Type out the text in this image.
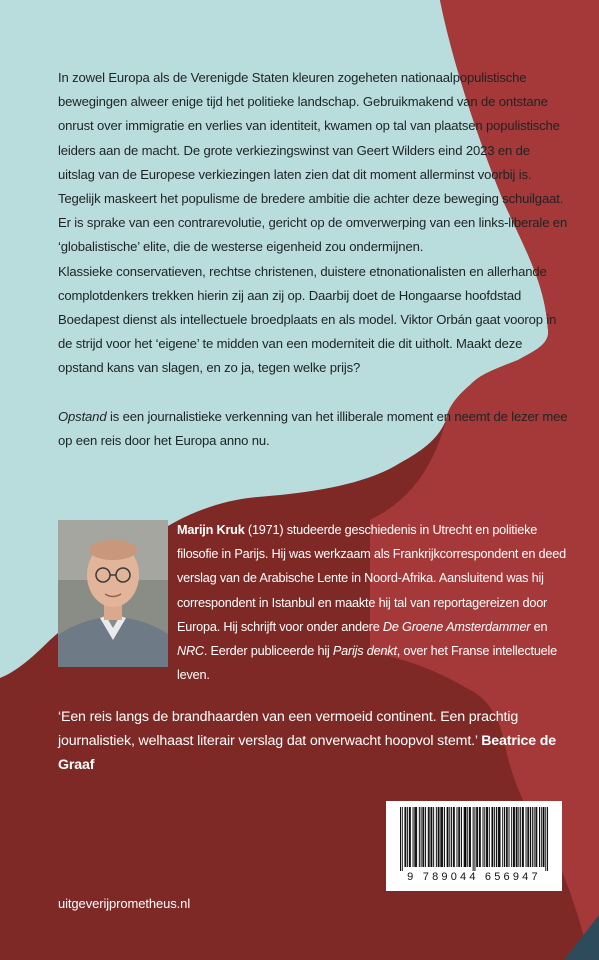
In zowel Europa als de Verenigde Staten kleuren zogeheten nationaalpopulistische bewegingen alweer enige tijd het politieke landschap. Gebruikmakend van de ontstane onrust over immigratie en verlies van identiteit, kwamen op tal van plaatsen populistische leiders aan de macht. De grote verkiezingswinst van Geert Wilders eind 2023 en de uitslag van de Europese verkiezingen laten zien dat dit moment allerminst voorbij is.

Tegelijk maskeert het populisme de bredere ambitie die achter deze beweging schuilgaat. Er is sprake van een contrarevolutie, gericht op de omverwerping van een links-liberale en ‘globalistische’ elite, die de westerse eigenheid zou ondermijnen.

Klassieke conservatieven, rechtse christenen, duistere etnonationalisten en allerhande complotdenkers trekken hierin zij aan zij op. Daarbij doet de Hongaarse hoofdstad Boedapest dienst als intellectuele broedplaats en als model. Viktor Orbán gaat voorop in de strijd voor het ‘eigene’ te midden van een moderniteit die dit uitholt. Maakt deze opstand kans van slagen, en zo ja, tegen welke prijs?

Opstand is een journalistieke verkenning van het illiberale moment en neemt de lezer mee op een reis door het Europa anno nu.

Marijn Kruk (1971) studeerde geschiedenis in Utrecht en politieke filosofie in Parijs. Hij was werkzaam als Frankrijkcorrespondent en deed verslag van de Arabische Lente in Noord-Afrika. Aansluitend was hij correspondent in Istanbul en maakte hij tal van reportagereizen door Europa. Hij schrijft voor onder andere De Groene Amsterdammer en NRC. Eerder publiceerde hij Parijs denkt, over het Franse intellectuele leven.

‘Een reis langs de brandhaarden van een vermoeid continent. Een prachtig journalistiek, welhaast literair verslag dat onverwacht hoopvol stemt.’ Beatrice de Graaf
9 789044 656947
uitgeverijprometheus.nl
